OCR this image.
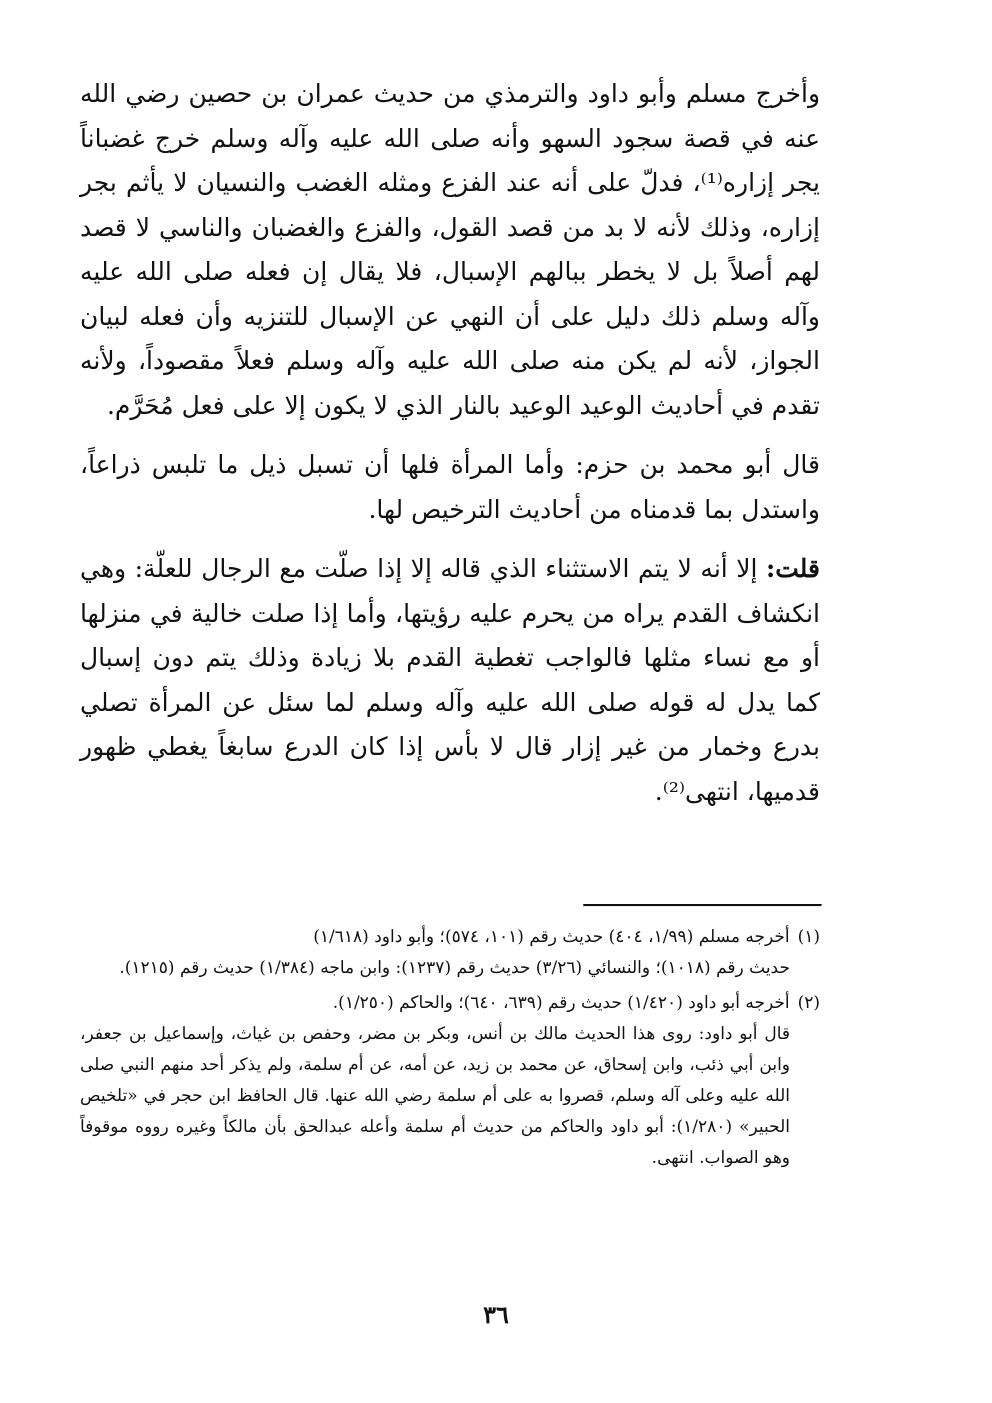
وأخرج مسلم وأبو داود والترمذي من حديث عمران بن حصين رضي الله عنه في قصة سجود السهو وأنه صلى الله عليه وآله وسلم خرج غضباناً يجر إزاره⁽¹⁾، فدلّ على أنه عند الفزع ومثله الغضب والنسيان لا يأثم بجر إزاره، وذلك لأنه لا بد من قصد القول، والفزع والغضبان والناسي لا قصد لهم أصلاً بل لا يخطر ببالهم الإسبال، فلا يقال إن فعله صلى الله عليه وآله وسلم ذلك دليل على أن النهي عن الإسبال للتنزيه وأن فعله لبيان الجواز، لأنه لم يكن منه صلى الله عليه وآله وسلم فعلاً مقصوداً، ولأنه تقدم في أحاديث الوعيد الوعيد بالنار الذي لا يكون إلا على فعل مُحَرَّم.

قال أبو محمد بن حزم: وأما المرأة فلها أن تسبل ذيل ما تلبس ذراعاً، واستدل بما قدمناه من أحاديث الترخيص لها.

قلت: إلا أنه لا يتم الاستثناء الذي قاله إلا إذا صلّت مع الرجال للعلّة: وهي انكشاف القدم يراه من يحرم عليه رؤيتها، وأما إذا صلت خالية في منزلها أو مع نساء مثلها فالواجب تغطية القدم بلا زيادة وذلك يتم دون إسبال كما يدل له قوله صلى الله عليه وآله وسلم لما سئل عن المرأة تصلي بدرع وخمار من غير إزار قال لا بأس إذا كان الدرع سابغاً يغطي ظهور قدميها، انتهى⁽²⁾.

(١)أخرجه مسلم (١/٩٩، ٤٠٤) حديث رقم (١٠١، ٥٧٤)؛ وأبو داود (١/٦١٨)
حديث رقم (١٠١٨)؛ والنسائي (٣/٢٦) حديث رقم (١٢٣٧): وابن ماجه (١/٣٨٤) حديث رقم (١٢١٥).

(٢)أخرجه أبو داود (١/٤٢٠) حديث رقم (٦٣٩، ٦٤٠)؛ والحاكم (١/٢٥٠).
قال أبو داود: روى هذا الحديث مالك بن أنس، وبكر بن مضر، وحفص بن غياث، وإسماعيل بن جعفر، وابن أبي ذئب، وابن إسحاق، عن محمد بن زيد، عن أمه، عن أم سلمة، ولم يذكر أحد منهم النبي صلى الله عليه وعلى آله وسلم، قصروا به على أم سلمة رضي الله عنها. قال الحافظ ابن حجر في «تلخيص الحبير» (١/٢٨٠): أبو داود والحاكم من حديث أم سلمة وأعله عبدالحق بأن مالكاً وغيره رووه موقوفاً وهو الصواب. انتهى.

٣٦
